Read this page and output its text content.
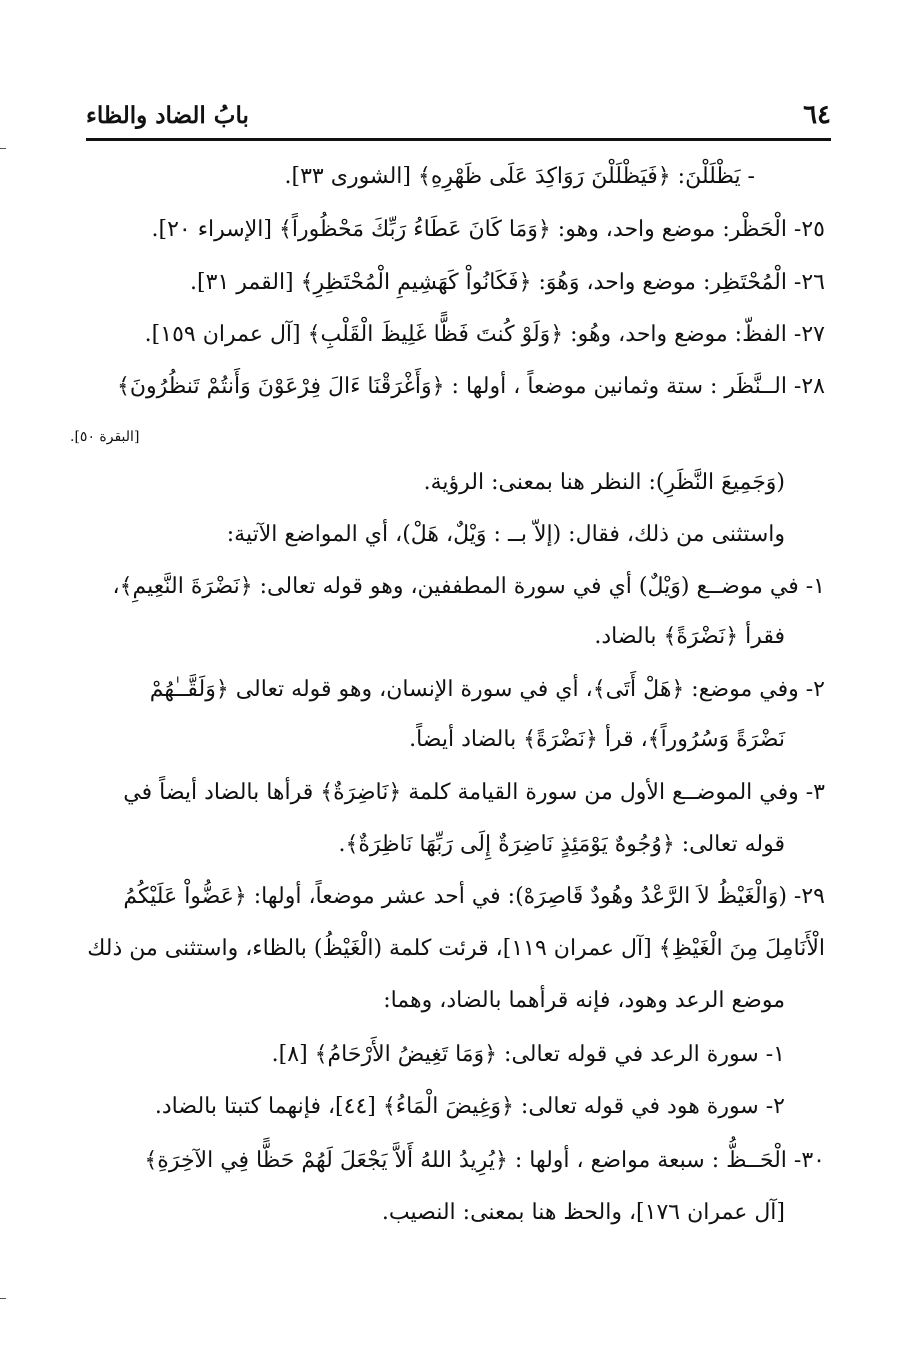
٦٤
بابُ الضاد والظاء

- يَظْلَلْنَ: ﴿فَيَظْلَلْنَ رَوَاكِدَ عَلَى ظَهْرِهِ﴾ [الشورى ٣٣].

٢٥- الْحَظْر: موضع واحد، وهو: ﴿وَمَا كَانَ عَطَاءُ رَبِّكَ مَحْظُوراً﴾ [الإسراء ٢٠].

٢٦- الْمُحْتَظِر: موضع واحد، وَهُوَ: ﴿فَكَانُواْ كَهَشِيمِ الْمُحْتَظِرِ﴾ [القمر ٣١].

٢٧- الفظّ: موضع واحد، وهُو: ﴿وَلَوْ كُنتَ فَظًّا غَلِيظَ الْقَلْبِ﴾ [آل عمران ١٥٩].

٢٨- الــنَّظَر : ستة وثمانين موضعاً ، أولها : ﴿وَأَغْرَقْنَا ءَالَ فِرْعَوْنَ وَأَنتُمْ تَنظُرُونَ﴾

[البقرة ٥٠].

(وَجَمِيعَ النَّظَرِ): النظر هنا بمعنى: الرؤية.

واستثنى من ذلك، فقال: (إلاّ بــ : وَيْلٌ، هَلْ)، أي المواضع الآتية:

١- في موضــع (وَيْلٌ) أي في سورة المطففين، وهو قوله تعالى: ﴿نَضْرَةَ النَّعِيمِ﴾،

فقرأ ﴿نَضْرَةً﴾ بالضاد.

٢- وفي موضع: ﴿هَلْ أَتَى﴾، أي في سورة الإنسان، وهو قوله تعالى ﴿وَلَقَّــٰهُمْ

نَضْرَةً وَسُرُوراً﴾، قرأ ﴿نَضْرَةً﴾ بالضاد أيضاً.

٣- وفي الموضــع الأول من سورة القيامة كلمة ﴿نَاضِرَةٌ﴾ قرأها بالضاد أيضاً في

قوله تعالى: ﴿وُجُوهٌ يَوْمَئِذٍ نَاضِرَةٌ إِلَى رَبِّهَا نَاظِرَةٌ﴾.

٢٩- (وَالْغَيْظُ لاَ الرَّعْدُ وهُودٌ قَاصِرَهْ): في أحد عشر موضعاً، أولها: ﴿عَضُّواْ عَلَيْكُمُ

الْأَنَامِلَ مِنَ الْغَيْظِ﴾ [آل عمران ١١٩]، قرئت كلمة (الْغَيْظُ) بالظاء، واستثنى من ذلك

موضع الرعد وهود، فإنه قرأهما بالضاد، وهما:

١- سورة الرعد في قوله تعالى: ﴿وَمَا تَغِيضُ الأَرْحَامُ﴾ [٨].

٢- سورة هود في قوله تعالى: ﴿وَغِيضَ الْمَاءُ﴾ [٤٤]، فإنهما كتبتا بالضاد.

٣٠- الْحَــظُّ : سبعة مواضع ، أولها : ﴿يُرِيدُ اللهُ أَلاَّ يَجْعَلَ لَهُمْ حَظًّا فِي الآخِرَةِ﴾

[آل عمران ١٧٦]، والحظ هنا بمعنى: النصيب.
